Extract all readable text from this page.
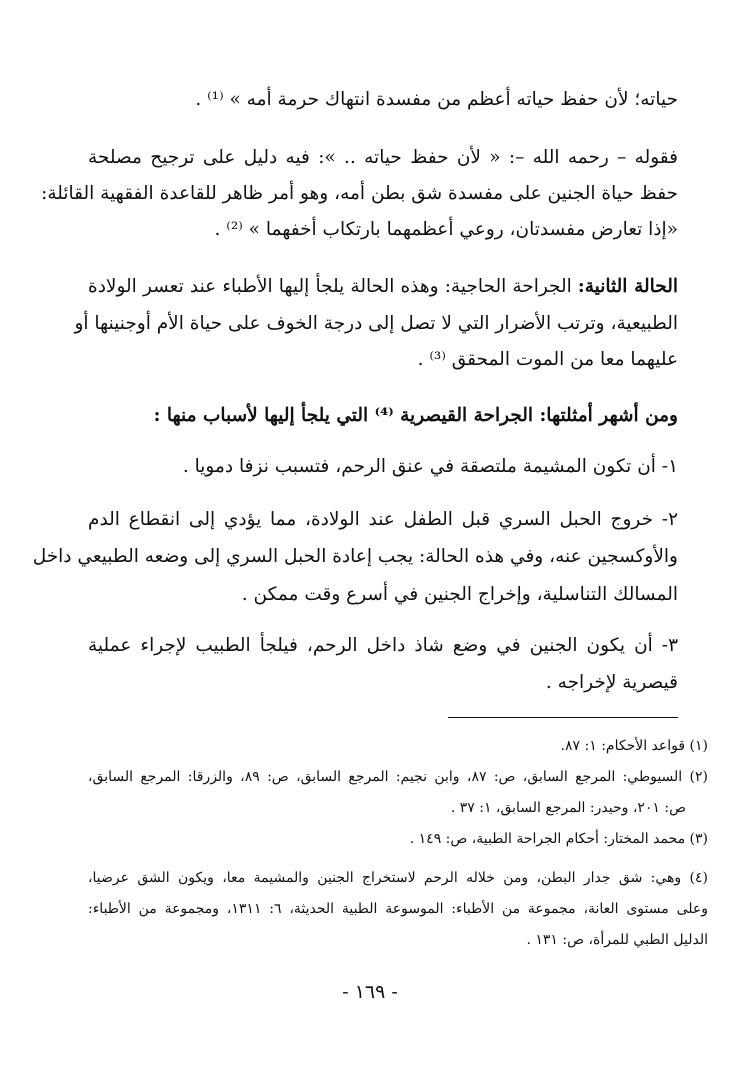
حياته؛ لأن حفظ حياته أعظم من مفسدة انتهاك حرمة أمه » ⁽¹⁾ .
فقوله – رحمه الله –: « لأن حفظ حياته .. »: فيه دليل على ترجيح مصلحة
حفظ حياة الجنين على مفسدة شق بطن أمه، وهو أمر ظاهر للقاعدة الفقهية القائلة:
«إذا تعارض مفسدتان، روعي أعظمهما بارتكاب أخفهما » ⁽²⁾ .
الحالة الثانية: الجراحة الحاجية: وهذه الحالة يلجأ إليها الأطباء عند تعسر الولادة
الطبيعية، وترتب الأضرار التي لا تصل إلى درجة الخوف على حياة الأم أوجنينها أو
عليهما معا من الموت المحقق ⁽³⁾ .
ومن أشهر أمثلتها: الجراحة القيصرية ⁽⁴⁾ التي يلجأ إليها لأسباب منها :
١- أن تكون المشيمة ملتصقة في عنق الرحم، فتسبب نزفا دمويا .
٢- خروج الحبل السري قبل الطفل عند الولادة، مما يؤدي إلى انقطاع الدم
والأوكسجين عنه، وفي هذه الحالة: يجب إعادة الحبل السري إلى وضعه الطبيعي داخل
المسالك التناسلية، وإخراج الجنين في أسرع وقت ممكن .
٣- أن يكون الجنين في وضع شاذ داخل الرحم، فيلجأ الطبيب لإجراء عملية
قيصرية لإخراجه .
(١) قواعد الأحكام: ١: ٨٧.
(٢) السيوطي: المرجع السابق، ص: ٨٧، وابن نجيم: المرجع السابق، ص: ٨٩، والزرقا: المرجع السابق،
ص: ٢٠١، وحيدر: المرجع السابق، ١: ٣٧ .
(٣) محمد المختار: أحكام الجراحة الطبية، ص: ١٤٩ .
(٤) وهي: شق جدار البطن، ومن خلاله الرحم لاستخراج الجنين والمشيمة معا، ويكون الشق عرضيا،
وعلى مستوى العانة، مجموعة من الأطباء: الموسوعة الطبية الحديثة، ٦: ١٣١١، ومجموعة من الأطباء:
الدليل الطبي للمرأة، ص: ١٣١ .
- ١٦٩ -
